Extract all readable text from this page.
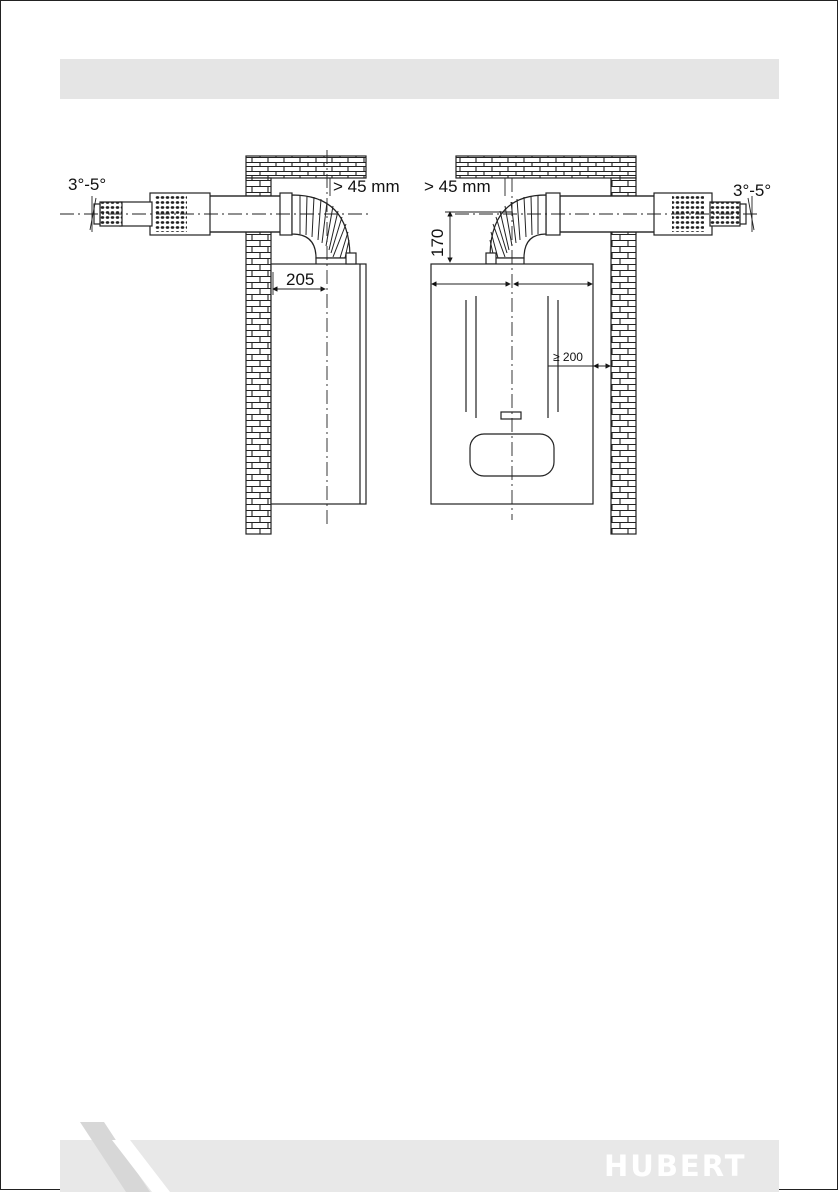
3°-5°	> 45 mm > 45 mm	3°-5°
205
170
≥ 200
HUBERT
